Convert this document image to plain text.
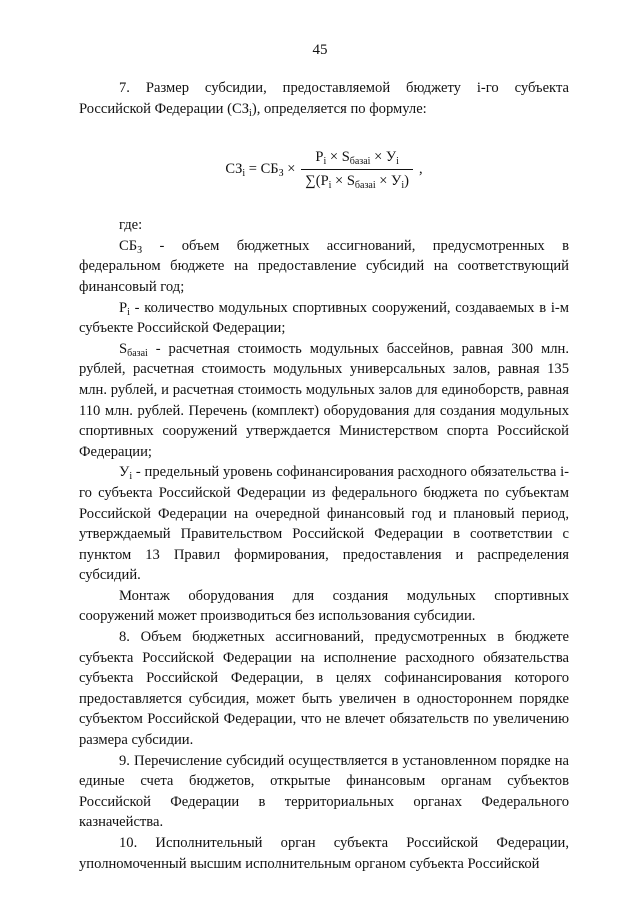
45

7. Размер субсидии, предоставляемой бюджету i-го субъекта

Российской Федерации $(СЗ_i)$, определяется по формуле:
$СЗ_i = СБ_З \times \frac{P_i \times S_{базаi} \times У_i}{\sum(P_i \times S_{базаi} \times У_i)}$ ,

где:

$СБ_З$ - объем бюджетных ассигнований, предусмотренных в федеральном бюджете на предоставление субсидий на соответствующий финансовый год;

$P_i$ - количество модульных спортивных сооружений, создаваемых в i-м субъекте Российской Федерации;

$S_{базаi}$ - расчетная стоимость модульных бассейнов, равная 300 млн. рублей, расчетная стоимость модульных универсальных залов, равная 135 млн. рублей, и расчетная стоимость модульных залов для единоборств, равная 110 млн. рублей. Перечень (комплект) оборудования для создания модульных спортивных сооружений утверждается Министерством спорта Российской Федерации;

$У_i$ - предельный уровень софинансирования расходного обязательства i-го субъекта Российской Федерации из федерального бюджета по субъектам Российской Федерации на очередной финансовый год и плановый период, утверждаемый Правительством Российской Федерации в соответствии с пунктом 13 Правил формирования, предоставления и распределения субсидий.

Монтаж оборудования для создания модульных спортивных сооружений может производиться без использования субсидии.

8. Объем бюджетных ассигнований, предусмотренных в бюджете субъекта Российской Федерации на исполнение расходного обязательства субъекта Российской Федерации, в целях софинансирования которого предоставляется субсидия, может быть увеличен в одностороннем порядке субъектом Российской Федерации, что не влечет обязательств по увеличению размера субсидии.

9. Перечисление субсидий осуществляется в установленном порядке на единые счета бюджетов, открытые финансовым органам субъектов Российской Федерации в территориальных органах Федерального казначейства.

10. Исполнительный орган субъекта Российской Федерации, уполномоченный высшим исполнительным органом субъекта Российской
